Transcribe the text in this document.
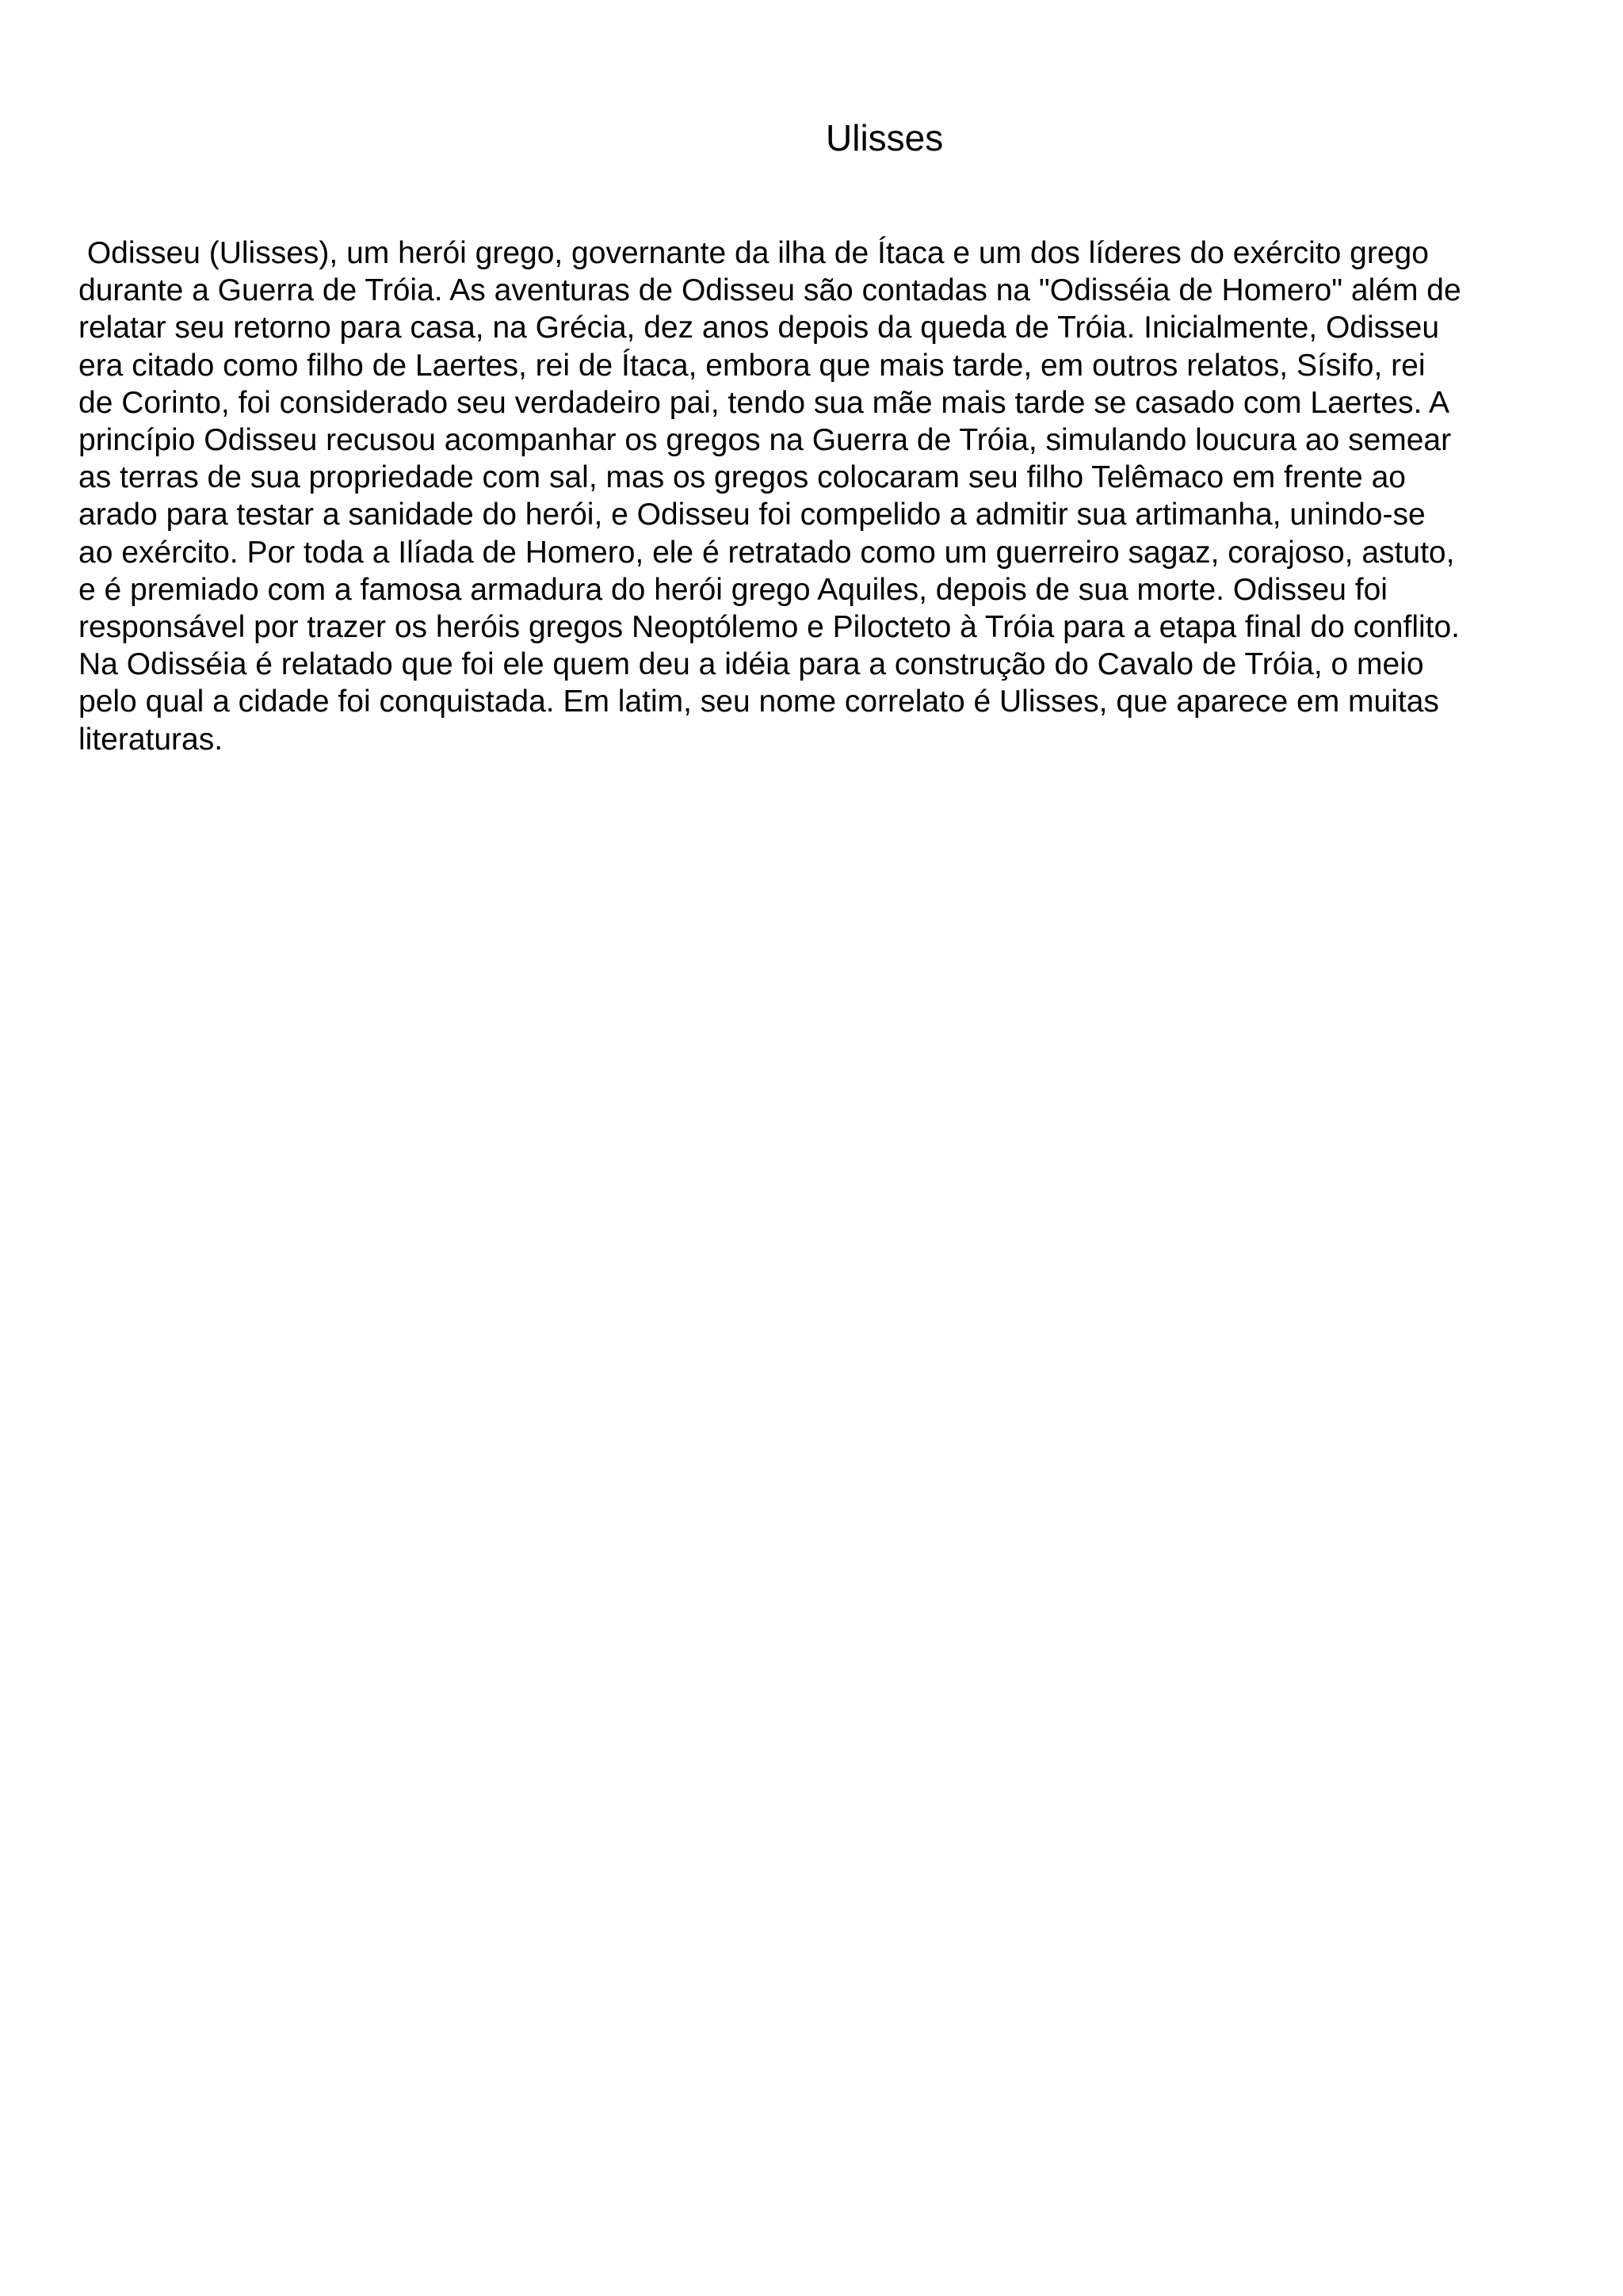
Ulisses
Odisseu (Ulisses), um herói grego, governante da ilha de Ítaca e um dos líderes do exército grego
durante a Guerra de Tróia. As aventuras de Odisseu são contadas na "Odisséia de Homero" além de
relatar seu retorno para casa, na Grécia, dez anos depois da queda de Tróia. Inicialmente, Odisseu
era citado como filho de Laertes, rei de Ítaca, embora que mais tarde, em outros relatos, Sísifo, rei
de Corinto, foi considerado seu verdadeiro pai, tendo sua mãe mais tarde se casado com Laertes. A
princípio Odisseu recusou acompanhar os gregos na Guerra de Tróia, simulando loucura ao semear
as terras de sua propriedade com sal, mas os gregos colocaram seu filho Telêmaco em frente ao
arado para testar a sanidade do herói, e Odisseu foi compelido a admitir sua artimanha, unindo-se
ao exército. Por toda a Ilíada de Homero, ele é retratado como um guerreiro sagaz, corajoso, astuto,
e é premiado com a famosa armadura do herói grego Aquiles, depois de sua morte. Odisseu foi
responsável por trazer os heróis gregos Neoptólemo e Pilocteto à Tróia para a etapa final do conflito.
Na Odisséia é relatado que foi ele quem deu a idéia para a construção do Cavalo de Tróia, o meio
pelo qual a cidade foi conquistada. Em latim, seu nome correlato é Ulisses, que aparece em muitas
literaturas.
